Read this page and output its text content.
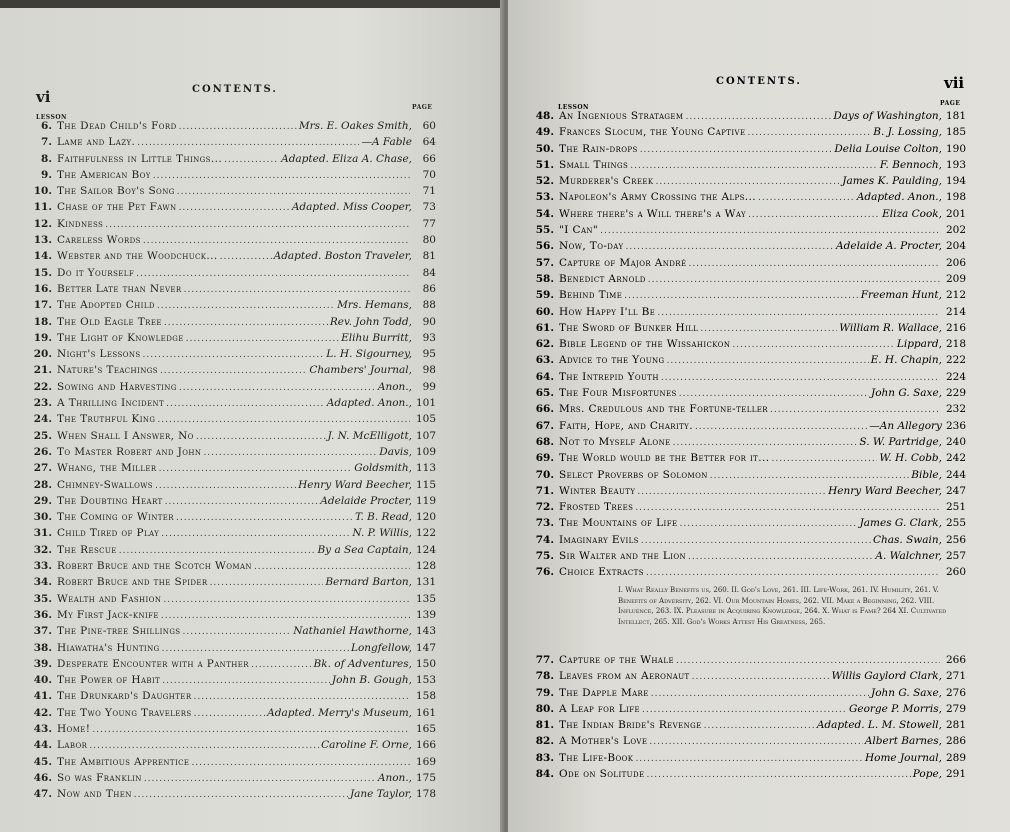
vi	CONTENTS.
LESSON
PAGE
6. The Dead Child's Ford .....	Mrs. E. Oakes Smith,	60
7. Lame and Lazy. .....	—A Fable	64
8. Faithfulness in Little Things... .....	Adapted. Eliza A. Chase,	66
9. The American Boy .....	70
10. The Sailor Boy's Song .....	71
11. Chase of the Pet Fawn .....	Adapted. Miss Cooper,	73
12. Kindness .....	77
13. Careless Words .....	80
14. Webster and the Woodchuck... .....	Adapted. Boston Traveler,	81
15. Do it Yourself .....	84
16. Better Late than Never .....	86
17. The Adopted Child .....	Mrs. Hemans,	88
18. The Old Eagle Tree .....	Rev. John Todd,	90
19. The Light of Knowledge .....	Elihu Burritt,	93
20. Night's Lessons .....	L. H. Sigourney,	95
21. Nature's Teachings .....	Chambers' Journal,	98
22. Sowing and Harvesting .....	Anon.,	99
23. A Thrilling Incident .....	Adapted. Anon., 101
24. The Truthful King .....	105
25. When Shall I Answer, No .....	J. N. McElligott, 107
26. To Master Robert and John .....	Davis, 109
27. Whang, the Miller .....	Goldsmith, 113
28. Chimney-Swallows .....	Henry Ward Beecher, 115
29. The Doubting Heart .....	Adelaide Procter, 119
30. The Coming of Winter .....	T. B. Read, 120
31. Child Tired of Play .....	N. P. Willis, 122
32. The Rescue .....	By a Sea Captain, 124
33. Robert Bruce and the Scotch Woman .....	128
34. Robert Bruce and the Spider .....	Bernard Barton, 131
35. Wealth and Fashion .....	135
36. My First Jack-knife .....	139
37. The Pine-tree Shillings .....	Nathaniel Hawthorne, 143
38. Hiawatha's Hunting .....	Longfellow, 147
39. Desperate Encounter with a Panther .....	Bk. of Adventures, 150
40. The Power of Habit .....	John B. Gough, 153
41. The Drunkard's Daughter .....	158
42. The Two Young Travelers .....	Adapted. Merry's Museum, 161
43. Home! .....	165
44. Labor .....	Caroline F. Orne, 166
45. The Ambitious Apprentice .....	169
46. So was Franklin .....	Anon., 175
47. Now and Then .....	Jane Taylor, 178
vii
CONTENTS.
LESSON
PAGE
48. An Ingenious Stratagem .....	Days of Washington, 181
49. Frances Slocum, the Young Captive .....	B. J. Lossing, 185
50. The Rain-drops .....	Delia Louise Colton, 190
51. Small Things .....	F. Bennoch, 193
52. Murderer's Creek .....	James K. Paulding, 194
53. Napoleon's Army Crossing the Alps... .....	Adapted. Anon., 198
54. Where there's a Will there's a Way .....	Eliza Cook, 201
55. "I Can" .....	202
56. Now, To-day .....	Adelaide A. Procter, 204
57. Capture of Major André .....	206
58. Benedict Arnold .....	209
59. Behind Time .....	Freeman Hunt, 212
60. How Happy I'll Be .....	214
61. The Sword of Bunker Hill .....	William R. Wallace, 216
62. Bible Legend of the Wissahickon .....	Lippard, 218
63. Advice to the Young .....	E. H. Chapin, 222
64. The Intrepid Youth .....	224
65. The Four Misfortunes .....	John G. Saxe, 229
66. Mrs. Credulous and the Fortune-teller .....	232
67. Faith, Hope, and Charity. .....	—An Allegory 236
68. Not to Myself Alone .....	S. W. Partridge, 240
69. The World would be the Better for it... .....	W. H. Cobb, 242
70. Select Proverbs of Solomon .....	Bible, 244
71. Winter Beauty .....	Henry Ward Beecher, 247
72. Frosted Trees .....	251
73. The Mountains of Life .....	James G. Clark, 255
74. Imaginary Evils .....	Chas. Swain, 256
75. Sir Walter and the Lion .....	A. Walchner, 257
76. Choice Extracts .....	260
I. What Really Benefits us, 260. II. God's Love, 261. III. Life-Work, 261. IV. Humility, 261. V. Benefits of Adversity, 262. VI. Our Mountain Homes, 262. VII. Make a Beginning, 262. VIII. Influence, 263. IX. Pleasure in Acquiring Knowledge, 264. X. What is Fame? 264 XI. Cultivated Intellect, 265. XII. God's Works Attest His Greatness, 265.
77. Capture of the Whale .....	266
78. Leaves from an Aeronaut .....	Willis Gaylord Clark, 271
79. The Dapple Mare .....	John G. Saxe, 276
80. A Leap for Life .....	George P. Morris, 279
81. The Indian Bride's Revenge .....	Adapted. L. M. Stowell, 281
82. A Mother's Love .....	Albert Barnes, 286
83. The Life-Book .....	Home Journal, 289
84. Ode on Solitude .....	Pope, 291
